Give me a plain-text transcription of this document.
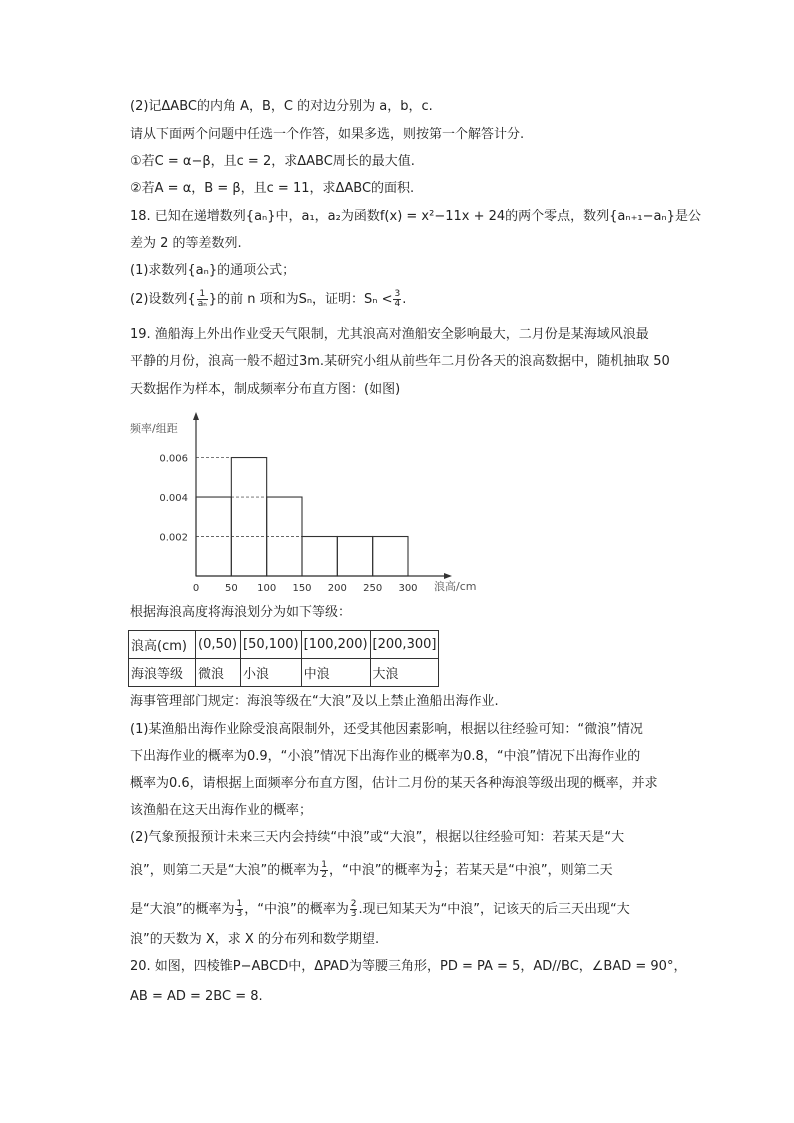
(2)记ΔABC的内角 A，B，C 的对边分别为 a，b，c.
请从下面两个问题中任选一个作答，如果多选，则按第一个解答计分.
①若C = α−β，且c = 2，求ΔABC周长的最大值.
②若A = α，B = β，且c = 11，求ΔABC的面积.
18. 已知在递增数列{aₙ}中，a₁，a₂为函数f(x) = x²−11x + 24的两个零点，数列{aₙ₊₁−aₙ}是公
差为 2 的等差数列.
(1)求数列{aₙ}的通项公式；
(2)设数列{ $\frac{1}{\text{aₙ}}$ }的前 n 项和为Sₙ，证明：$S_n < \frac{3}{4}$ .
19. 渔船海上外出作业受天气限制，尤其浪高对渔船安全影响最大，二月份是某海域风浪最
平静的月份，浪高一般不超过3m.某研究小组从前些年二月份各天的浪高数据中，随机抽取 50
天数据作为样本，制成频率分布直方图：(如图)
频率/组距
浪高/cm
0	50 100 150 200 250 300
0.002
0.004
0.006
根据海浪高度将海浪划分为如下等级：
浪高(cm)	(0,50)	[50,100)	[100,200)	[200,300]
海浪等级	微浪	小浪	中浪	大浪
海事管理部门规定：海浪等级在“大浪”及以上禁止渔船出海作业.
(1)某渔船出海作业除受浪高限制外，还受其他因素影响，根据以往经验可知：“微浪”情况
下出海作业的概率为0.9，“小浪”情况下出海作业的概率为0.8，“中浪”情况下出海作业的
概率为0.6，请根据上面频率分布直方图，估计二月份的某天各种海浪等级出现的概率，并求
该渔船在这天出海作业的概率；
(2)气象预报预计未来三天内会持续“中浪”或“大浪”，根据以往经验可知：若某天是“大
浪”，则第二天是“大浪”的概率为 $\frac{1}{2}$ ，“中浪”的概率为 $\frac{1}{2}$ ；若某天是“中浪”，则第二天
是“大浪”的概率为 $\frac{1}{3}$ ，“中浪”的概率为 $\frac{2}{3}$ .现已知某天为“中浪”，记该天的后三天出现“大
浪”的天数为 X，求 X 的分布列和数学期望.
20. 如图，四棱锥P−ABCD中，ΔPAD为等腰三角形，PD = PA = 5，AD//BC，∠BAD = 90°，
AB = AD = 2BC = 8.
